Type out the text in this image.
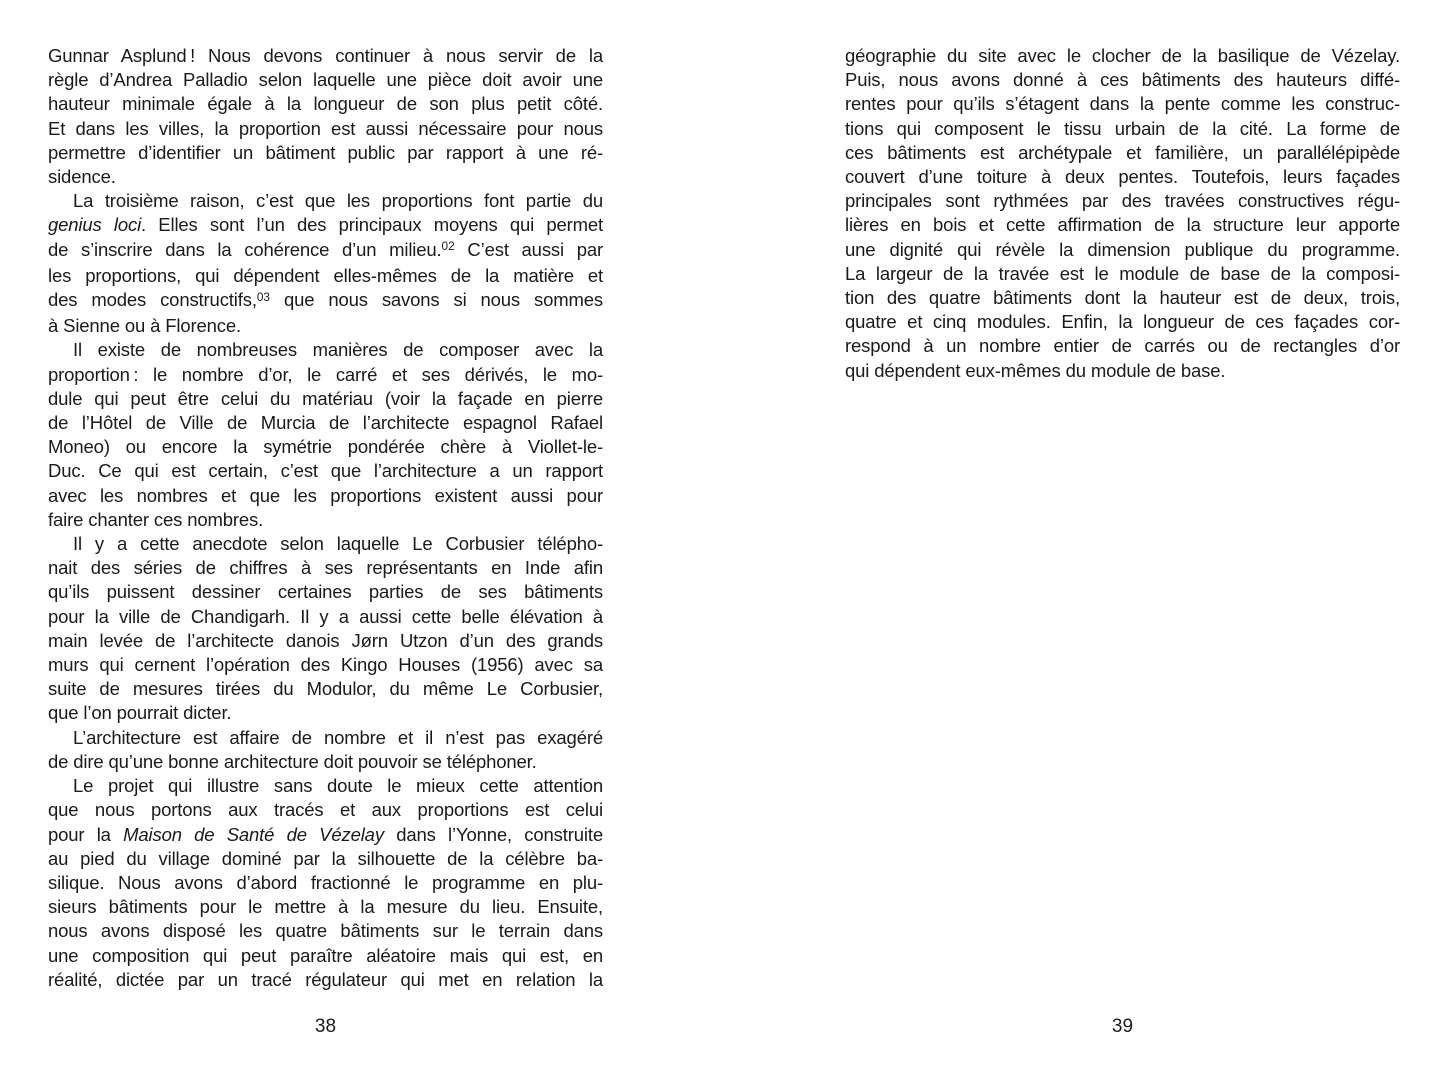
Gunnar Asplund ! Nous devons continuer à nous servir de la
règle d’Andrea Palladio selon laquelle une pièce doit avoir une
hauteur minimale égale à la longueur de son plus petit côté.
Et dans les villes, la proportion est aussi nécessaire pour nous
permettre d’identifier un bâtiment public par rapport à une ré-
sidence.
La troisième raison, c’est que les proportions font partie du
genius loci. Elles sont l’un des principaux moyens qui permet
de s’inscrire dans la cohérence d’un milieu.$^{02}$ C’est aussi par
les proportions, qui dépendent elles-mêmes de la matière et
des modes constructifs,$^{03}$ que nous savons si nous sommes
à Sienne ou à Florence.
Il existe de nombreuses manières de composer avec la
proportion : le nombre d’or, le carré et ses dérivés, le mo-
dule qui peut être celui du matériau (voir la façade en pierre
de l’Hôtel de Ville de Murcia de l’architecte espagnol Rafael
Moneo) ou encore la symétrie pondérée chère à Viollet-le-
Duc. Ce qui est certain, c’est que l’architecture a un rapport
avec les nombres et que les proportions existent aussi pour
faire chanter ces nombres.
Il y a cette anecdote selon laquelle Le Corbusier télépho-
nait des séries de chiffres à ses représentants en Inde afin
qu’ils puissent dessiner certaines parties de ses bâtiments
pour la ville de Chandigarh. Il y a aussi cette belle élévation à
main levée de l’architecte danois Jørn Utzon d’un des grands
murs qui cernent l’opération des Kingo Houses (1956) avec sa
suite de mesures tirées du Modulor, du même Le Corbusier,
que l’on pourrait dicter.
L’architecture est affaire de nombre et il n’est pas exagéré
de dire qu’une bonne architecture doit pouvoir se téléphoner.
Le projet qui illustre sans doute le mieux cette attention
que nous portons aux tracés et aux proportions est celui
pour la Maison de Santé de Vézelay dans l’Yonne, construite
au pied du village dominé par la silhouette de la célèbre ba-
silique. Nous avons d’abord fractionné le programme en plu-
sieurs bâtiments pour le mettre à la mesure du lieu. Ensuite,
nous avons disposé les quatre bâtiments sur le terrain dans
une composition qui peut paraître aléatoire mais qui est, en
réalité, dictée par un tracé régulateur qui met en relation la
géographie du site avec le clocher de la basilique de Vézelay.
Puis, nous avons donné à ces bâtiments des hauteurs diffé-
rentes pour qu’ils s’étagent dans la pente comme les construc-
tions qui composent le tissu urbain de la cité. La forme de
ces bâtiments est archétypale et familière, un parallélépipède
couvert d’une toiture à deux pentes. Toutefois, leurs façades
principales sont rythmées par des travées constructives régu-
lières en bois et cette affirmation de la structure leur apporte
une dignité qui révèle la dimension publique du programme.
La largeur de la travée est le module de base de la composi-
tion des quatre bâtiments dont la hauteur est de deux, trois,
quatre et cinq modules. Enfin, la longueur de ces façades cor-
respond à un nombre entier de carrés ou de rectangles d’or
qui dépendent eux-mêmes du module de base.
38	39
